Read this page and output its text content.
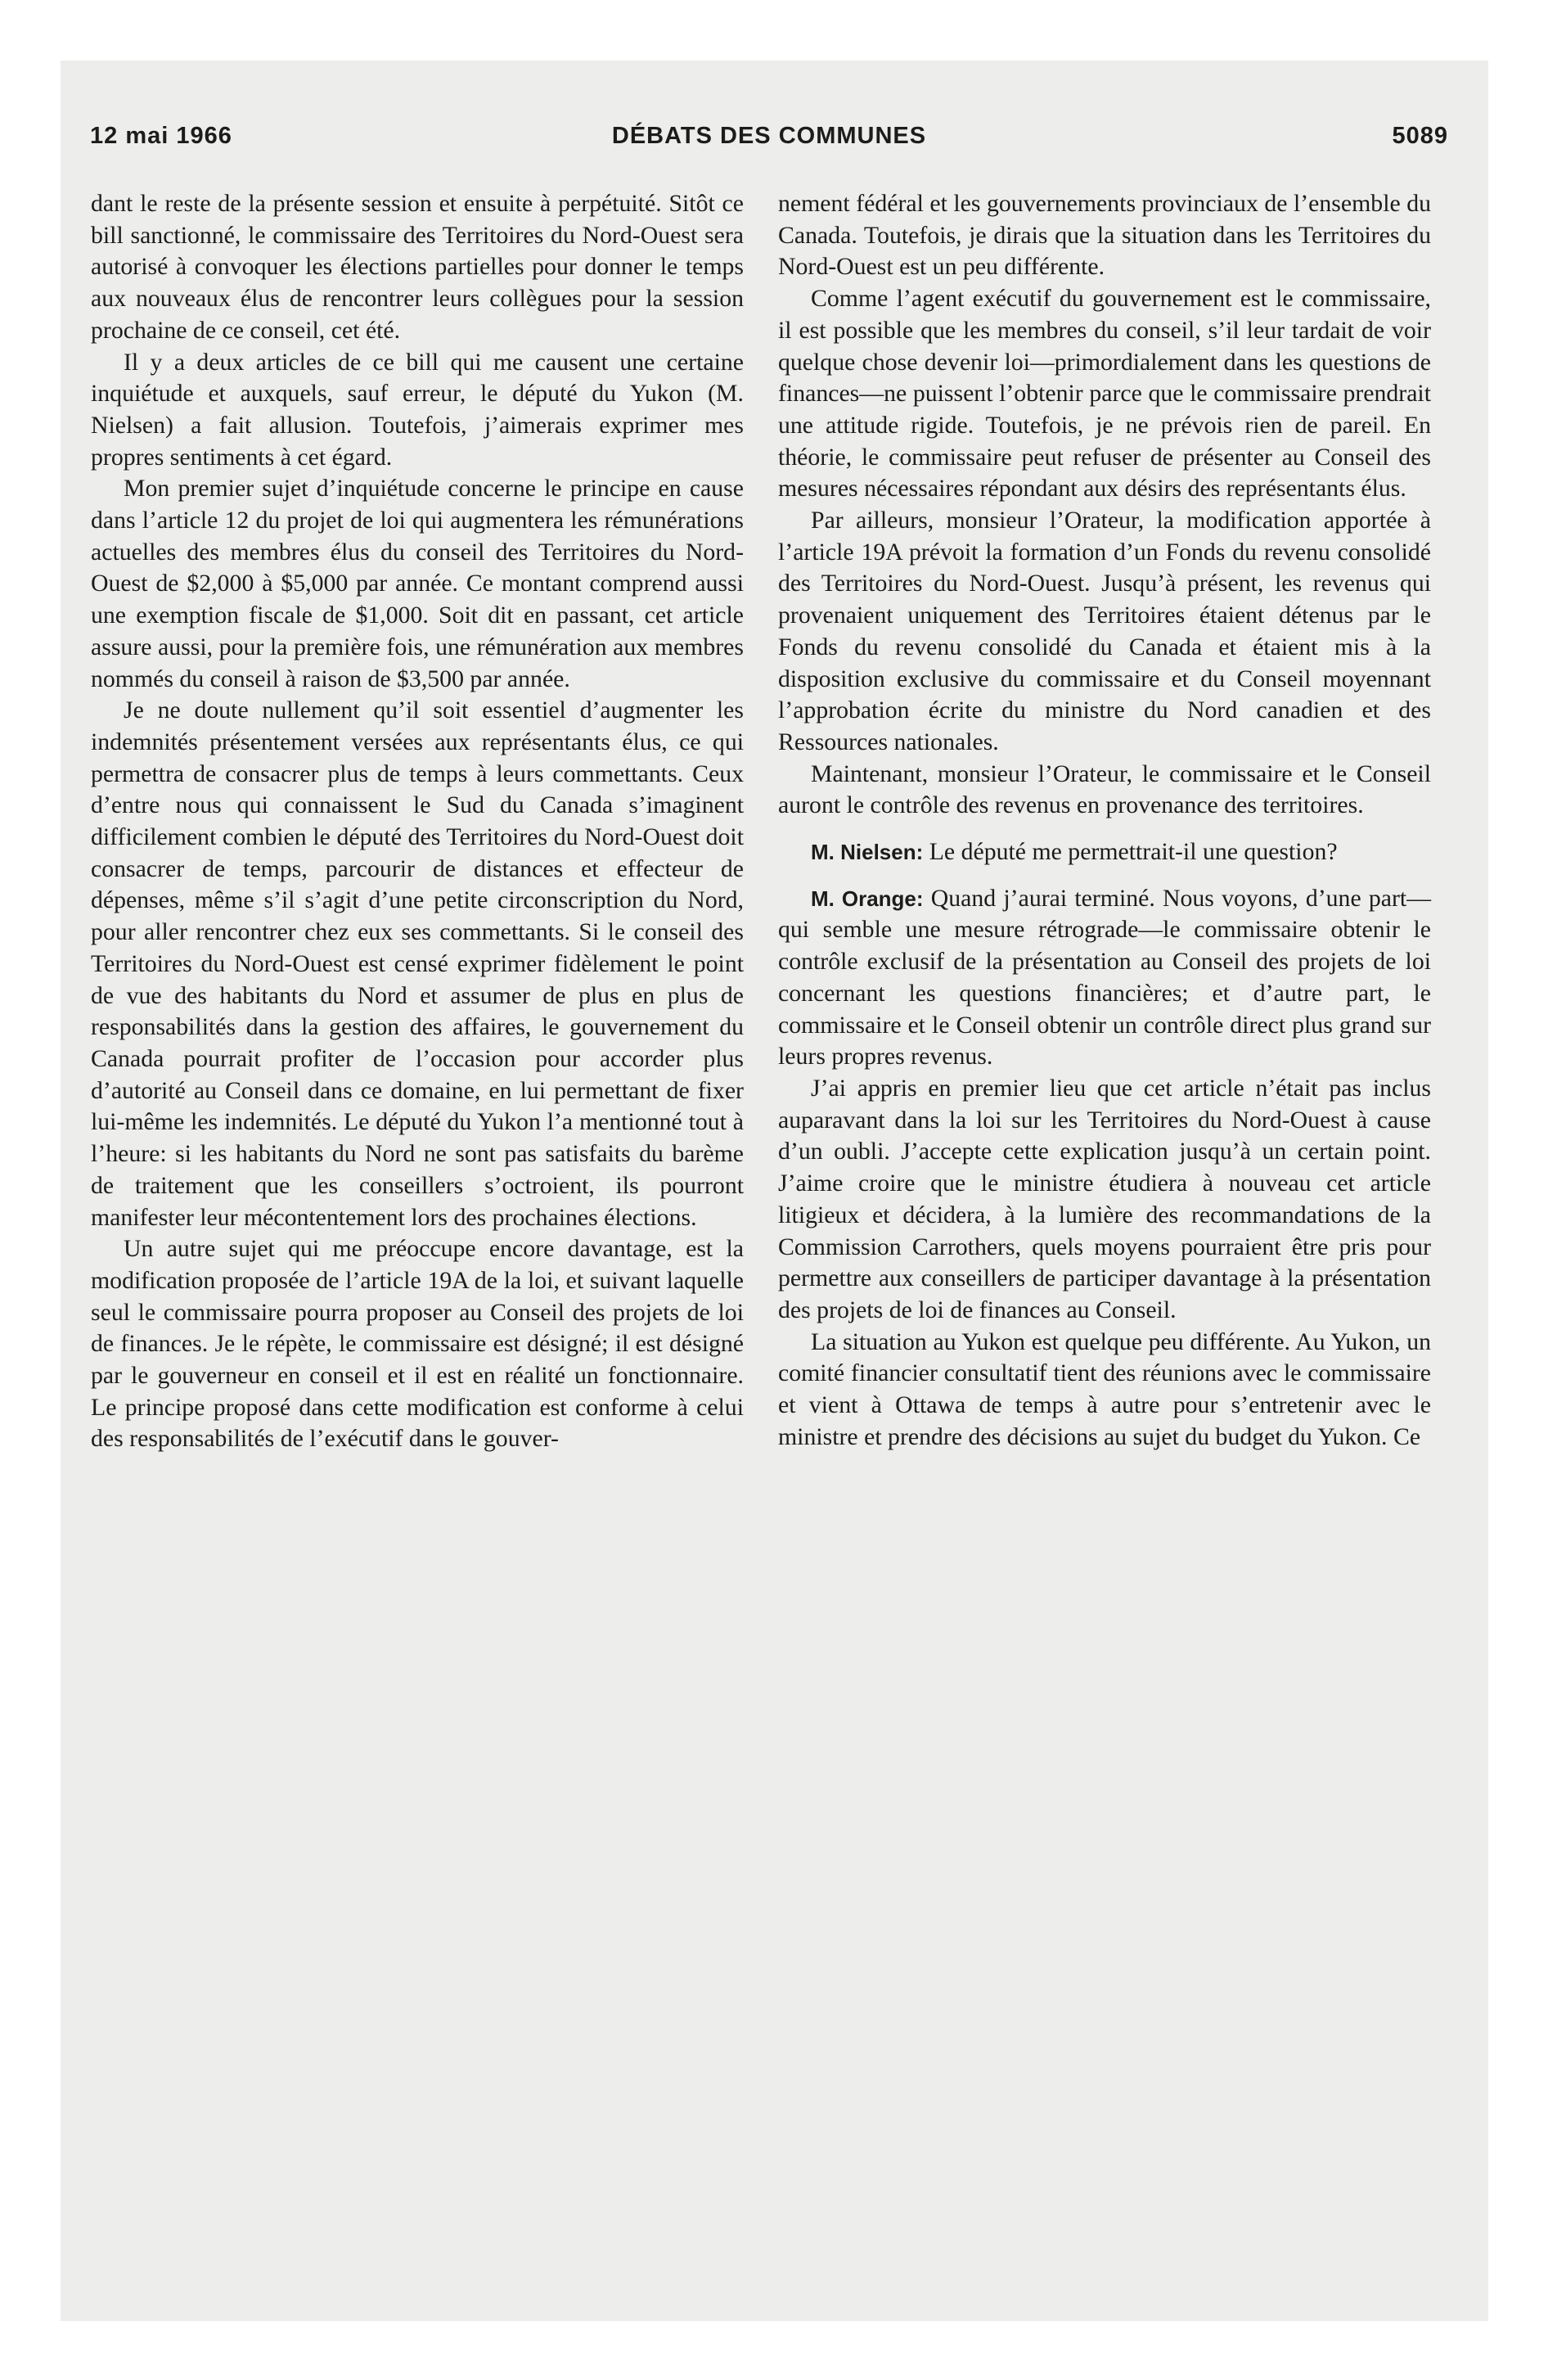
DÉBATS DES COMMUNES
12 mai 1966	5089

dant le reste de la présente session et ensuite à perpétuité. Sitôt ce bill sanctionné, le commissaire des Territoires du Nord-Ouest sera autorisé à convoquer les élections partielles pour donner le temps aux nouveaux élus de rencontrer leurs collègues pour la session prochaine de ce conseil, cet été.

Il y a deux articles de ce bill qui me causent une certaine inquiétude et auxquels, sauf erreur, le député du Yukon (M. Nielsen) a fait allusion. Toutefois, j’aimerais exprimer mes propres sentiments à cet égard.

Mon premier sujet d’inquiétude concerne le principe en cause dans l’article 12 du projet de loi qui augmentera les rémunérations actuelles des membres élus du conseil des Territoires du Nord-Ouest de $2,000 à $5,000 par année. Ce montant comprend aussi une exemption fiscale de $1,000. Soit dit en passant, cet article assure aussi, pour la première fois, une rémunération aux membres nommés du conseil à raison de $3,500 par année.

Je ne doute nullement qu’il soit essentiel d’augmenter les indemnités présentement versées aux représentants élus, ce qui permettra de consacrer plus de temps à leurs commettants. Ceux d’entre nous qui connaissent le Sud du Canada s’imaginent difficilement combien le député des Territoires du Nord-Ouest doit consacrer de temps, parcourir de distances et effecteur de dépenses, même s’il s’agit d’une petite circonscription du Nord, pour aller rencontrer chez eux ses commettants. Si le conseil des Territoires du Nord-Ouest est censé exprimer fidèlement le point de vue des habitants du Nord et assumer de plus en plus de responsabilités dans la gestion des affaires, le gouvernement du Canada pourrait profiter de l’occasion pour accorder plus d’autorité au Conseil dans ce domaine, en lui permettant de fixer lui-même les indemnités. Le député du Yukon l’a mentionné tout à l’heure: si les habitants du Nord ne sont pas satisfaits du barème de traitement que les conseillers s’octroient, ils pourront manifester leur mécontentement lors des prochaines élections.

Un autre sujet qui me préoccupe encore davantage, est la modification proposée de l’article 19A de la loi, et suivant laquelle seul le commissaire pourra proposer au Conseil des projets de loi de finances. Je le répète, le commissaire est désigné; il est désigné par le gouverneur en conseil et il est en réalité un fonctionnaire. Le principe proposé dans cette modification est conforme à celui des responsabilités de l’exécutif dans le gouver-

nement fédéral et les gouvernements provinciaux de l’ensemble du Canada. Toutefois, je dirais que la situation dans les Territoires du Nord-Ouest est un peu différente.

Comme l’agent exécutif du gouvernement est le commissaire, il est possible que les membres du conseil, s’il leur tardait de voir quelque chose devenir loi—primordialement dans les questions de finances—ne puissent l’obtenir parce que le commissaire prendrait une attitude rigide. Toutefois, je ne prévois rien de pareil. En théorie, le commissaire peut refuser de présenter au Conseil des mesures nécessaires répondant aux désirs des représentants élus.

Par ailleurs, monsieur l’Orateur, la modification apportée à l’article 19A prévoit la formation d’un Fonds du revenu consolidé des Territoires du Nord-Ouest. Jusqu’à présent, les revenus qui provenaient uniquement des Territoires étaient détenus par le Fonds du revenu consolidé du Canada et étaient mis à la disposition exclusive du commissaire et du Conseil moyennant l’approbation écrite du ministre du Nord canadien et des Ressources nationales.

Maintenant, monsieur l’Orateur, le commissaire et le Conseil auront le contrôle des revenus en provenance des territoires.

M. Nielsen: Le député me permettrait-il une question?

M. Orange: Quand j’aurai terminé. Nous voyons, d’une part—qui semble une mesure rétrograde—le commissaire obtenir le contrôle exclusif de la présentation au Conseil des projets de loi concernant les questions financières; et d’autre part, le commissaire et le Conseil obtenir un contrôle direct plus grand sur leurs propres revenus.

J’ai appris en premier lieu que cet article n’était pas inclus auparavant dans la loi sur les Territoires du Nord-Ouest à cause d’un oubli. J’accepte cette explication jusqu’à un certain point. J’aime croire que le ministre étudiera à nouveau cet article litigieux et décidera, à la lumière des recommandations de la Commission Carrothers, quels moyens pourraient être pris pour permettre aux conseillers de participer davantage à la présentation des projets de loi de finances au Conseil.

La situation au Yukon est quelque peu différente. Au Yukon, un comité financier consultatif tient des réunions avec le commissaire et vient à Ottawa de temps à autre pour s’entretenir avec le ministre et prendre des décisions au sujet du budget du Yukon. Ce
